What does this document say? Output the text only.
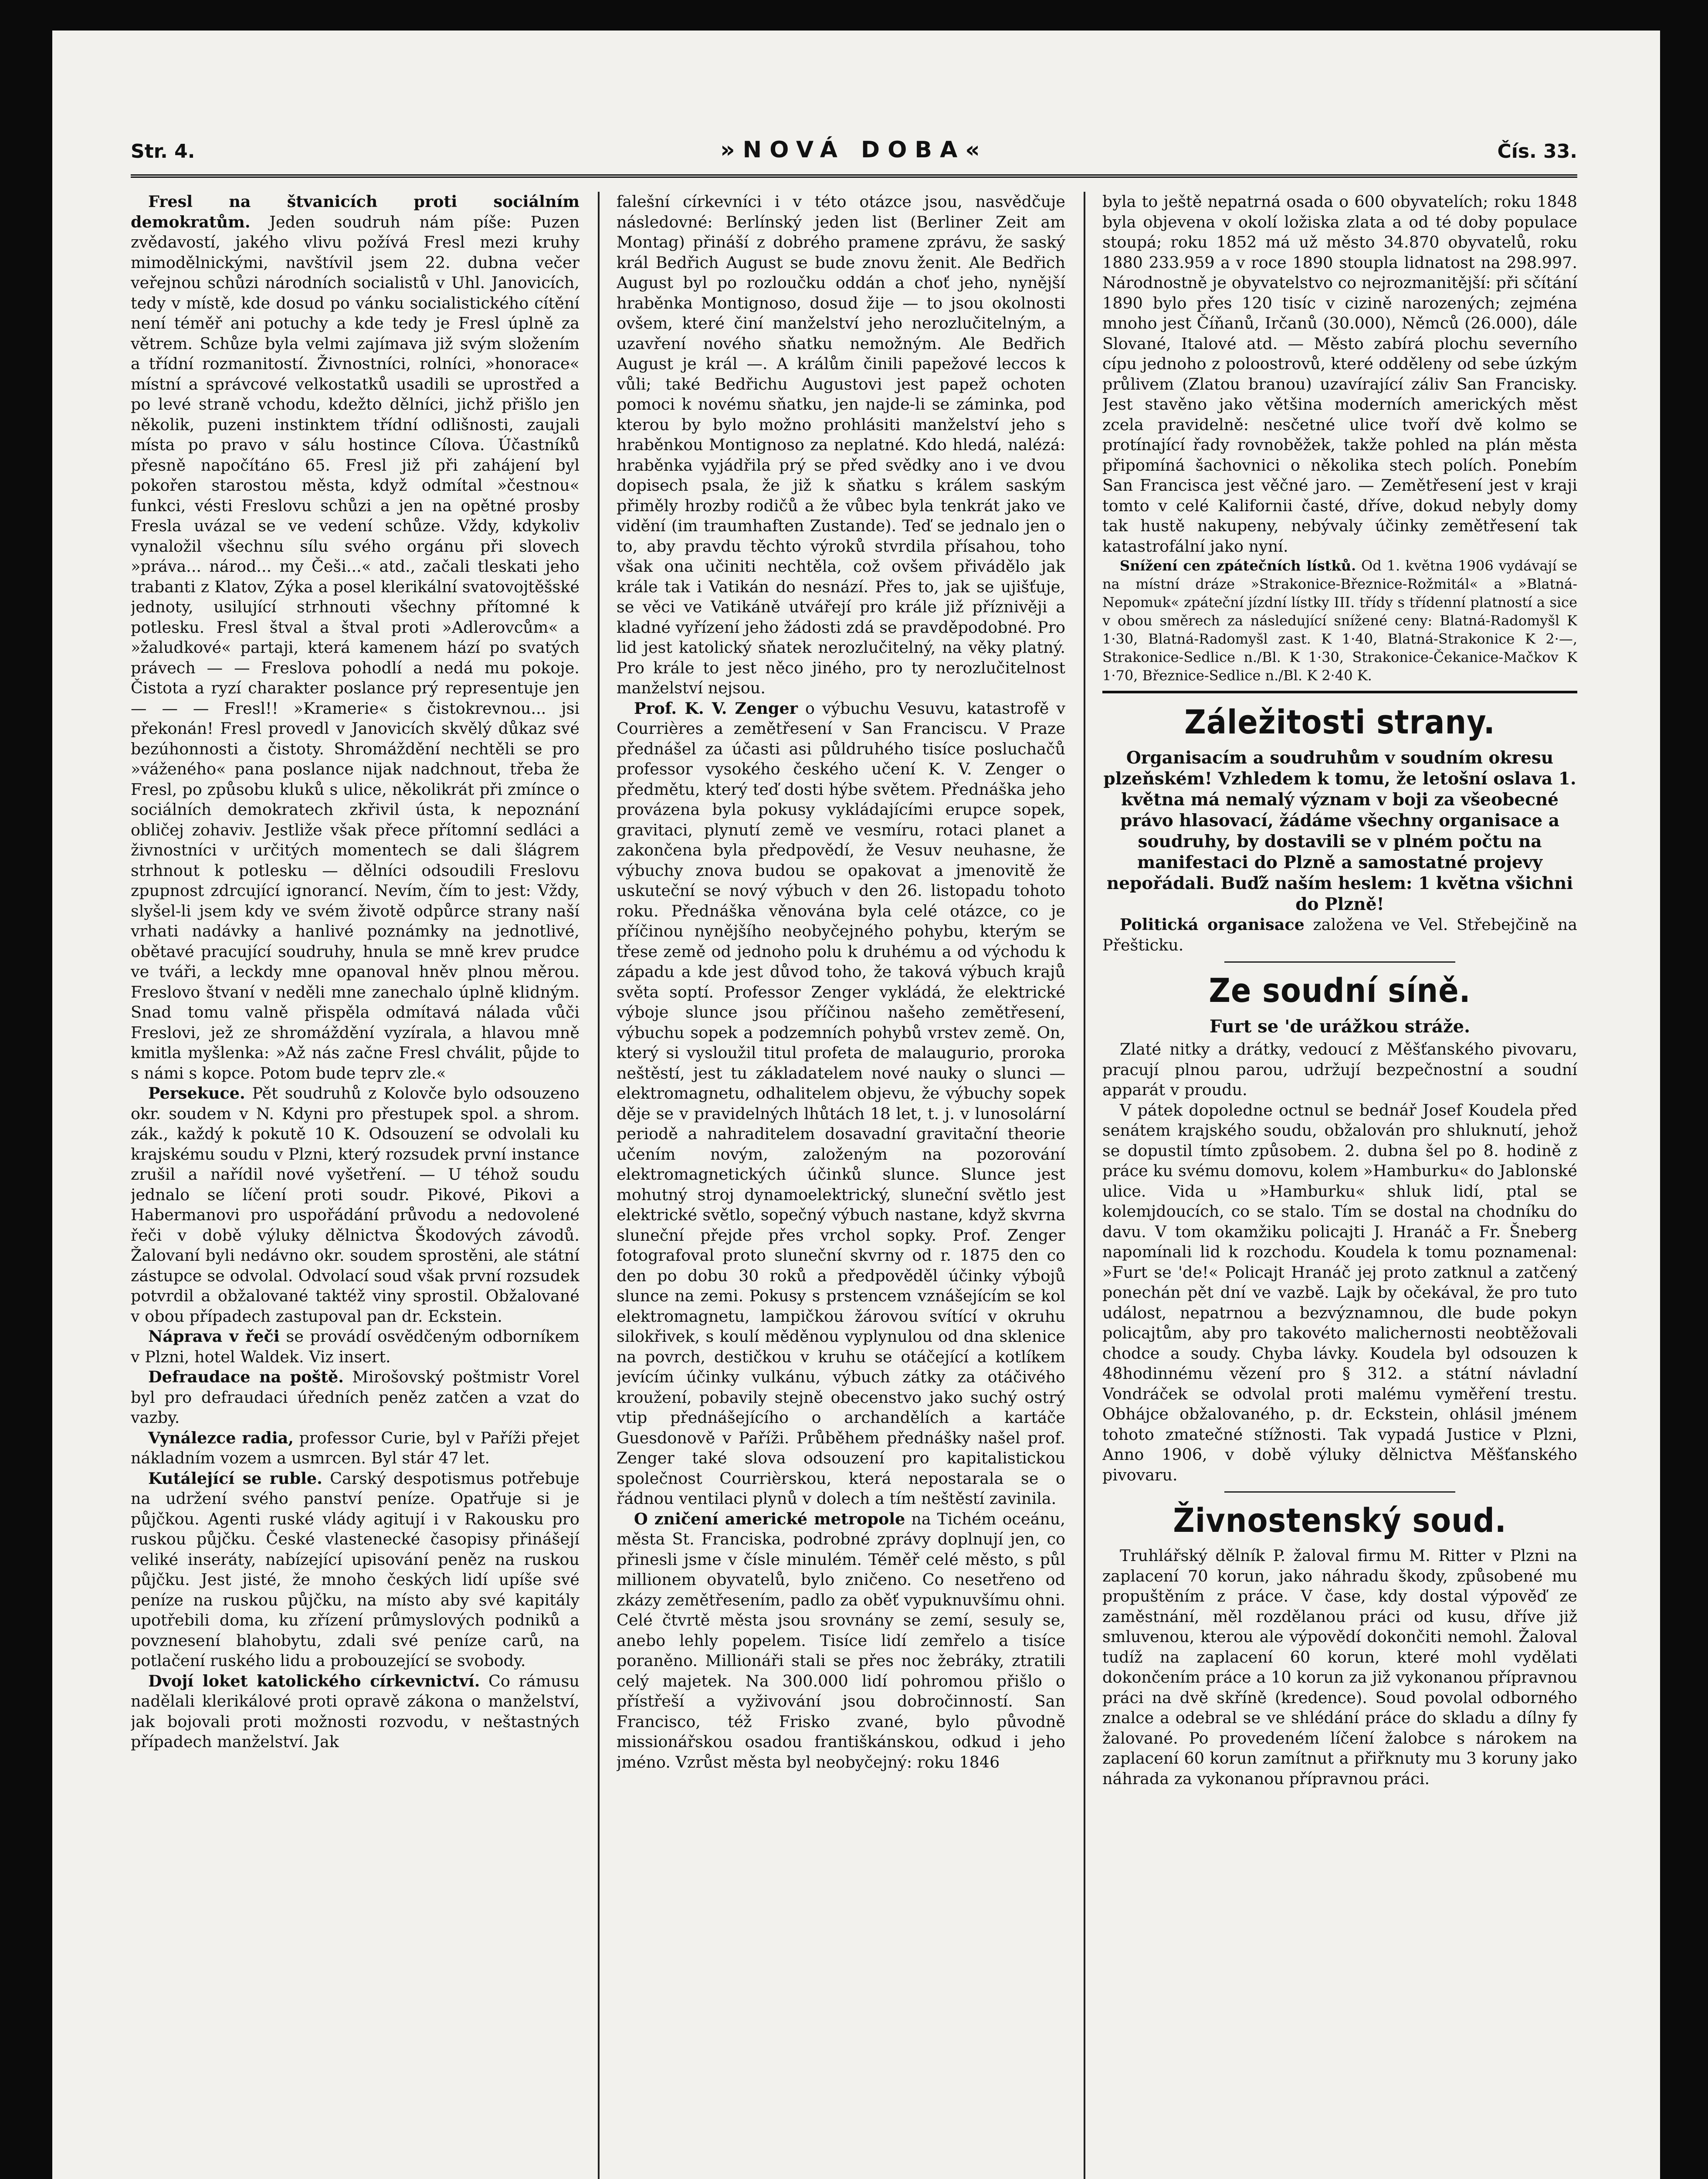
Str. 4.	»NOVÁ DOBA«	Čís. 33.

Fresl na štvanicích proti sociálním demokratům. Jeden soudruh nám píše: Puzen zvědavostí, jakého vlivu požívá Fresl mezi kruhy mimodělnickými, navštívil jsem 22. dubna večer veřejnou schůzi národních socialistů v Uhl. Janovicích, tedy v místě, kde dosud po vánku socialistického cítění není téměř ani potuchy a kde tedy je Fresl úplně za větrem. Schůze byla velmi zajímava již svým složením a třídní rozmanitostí. Živnostníci, rolníci, »honorace« místní a správcové velkostatků usadili se uprostřed a po levé straně vchodu, kdežto dělníci, jichž přišlo jen několik, puzeni instinktem třídní odlišnosti, zaujali místa po pravo v sálu hostince Cílova. Účastníků přesně napočítáno 65. Fresl již při zahájení byl pokořen starostou města, když odmítal »čestnou« funkci, vésti Freslovu schůzi a jen na opětné prosby Fresla uvázal se ve vedení schůze. Vždy, kdykoliv vynaložil všechnu sílu svého orgánu při slovech »práva... národ... my Češi...« atd., začali tleskati jeho trabanti z Klatov, Zýka a posel klerikální svatovojtěšské jednoty, usilující strhnouti všechny přítomné k potlesku. Fresl štval a štval proti »Adlerovcům« a »žaludkové« partaji, která kamenem hází po svatých právech — — Freslova pohodlí a nedá mu pokoje. Čistota a ryzí charakter poslance prý representuje jen — — — Fresl!! »Kramerie« s čistokrevnou... jsi překonán! Fresl provedl v Janovicích skvělý důkaz své bezúhonnosti a čistoty. Shromáždění nechtěli se pro »váženého« pana poslance nijak nadchnout, třeba že Fresl, po způsobu kluků s ulice, několikrát při zmínce o sociálních demokratech zkřivil ústa, k nepoznání obličej zohaviv. Jestliže však přece přítomní sedláci a živnostníci v určitých momentech se dali šlágrem strhnout k potlesku — dělníci odsoudili Freslovu zpupnost zdrcující ignorancí. Nevím, čím to jest: Vždy, slyšel-li jsem kdy ve svém životě odpůrce strany naší vrhati nadávky a hanlivé poznámky na jednotlivé, obětavé pracující soudruhy, hnula se mně krev prudce ve tváři, a leckdy mne opanoval hněv plnou měrou. Freslovo štvaní v neděli mne zanechalo úplně klidným. Snad tomu valně přispěla odmítavá nálada vůči Freslovi, jež ze shromáždění vyzírala, a hlavou mně kmitla myšlenka: »Až nás začne Fresl chválit, půjde to s námi s kopce. Potom bude teprv zle.«

Persekuce. Pět soudruhů z Kolovče bylo odsouzeno okr. soudem v N. Kdyni pro přestupek spol. a shrom. zák., každý k pokutě 10 K. Odsouzení se odvolali ku krajskému soudu v Plzni, který rozsudek první instance zrušil a nařídil nové vyšetření. — U téhož soudu jednalo se líčení proti soudr. Pikové, Pikovi a Habermanovi pro uspořádání průvodu a nedovolené řeči v době výluky dělnictva Škodových závodů. Žalovaní byli nedávno okr. soudem sprostěni, ale státní zástupce se odvolal. Odvolací soud však první rozsudek potvrdil a obžalované taktéž viny sprostil. Obžalované v obou případech zastupoval pan dr. Eckstein.

Náprava v řeči se provádí osvědčeným odborníkem v Plzni, hotel Waldek. Viz insert.

Defraudace na poště. Mirošovský poštmistr Vorel byl pro defraudaci úředních peněz zatčen a vzat do vazby.

Vynálezce radia, professor Curie, byl v Paříži přejet nákladním vozem a usmrcen. Byl stár 47 let.

Kutálející se ruble. Carský despotismus potřebuje na udržení svého panství peníze. Opatřuje si je půjčkou. Agenti ruské vlády agitují i v Rakousku pro ruskou půjčku. České vlastenecké časopisy přinášejí veliké inseráty, nabízející upisování peněz na ruskou půjčku. Jest jisté, že mnoho českých lidí upíše své peníze na ruskou půjčku, na místo aby své kapitály upotřebili doma, ku zřízení průmyslových podniků a povznesení blahobytu, zdali své peníze carů, na potlačení ruského lidu a probouzející se svobody.

Dvojí loket katolického církevnictví. Co rámusu nadělali klerikálové proti opravě zákona o manželství, jak bojovali proti možnosti rozvodu, v neštastných případech manželství. Jak

falešní církevníci i v této otázce jsou, nasvědčuje následovné: Berlínský jeden list (Berliner Zeit am Montag) přináší z dobrého pramene zprávu, že saský král Bedřich August se bude znovu ženit. Ale Bedřich August byl po rozloučku oddán a choť jeho, nynější hraběnka Montignoso, dosud žije — to jsou okolnosti ovšem, které činí manželství jeho nerozlučitelným, a uzavření nového sňatku nemožným. Ale Bedřich August je král —. A králům činili papežové leccos k vůli; také Bedřichu Augustovi jest papež ochoten pomoci k novému sňatku, jen najde-li se záminka, pod kterou by bylo možno prohlásiti manželství jeho s hraběnkou Montignoso za neplatné. Kdo hledá, nalézá: hraběnka vyjádřila prý se před svědky ano i ve dvou dopisech psala, že již k sňatku s králem saským přiměly hrozby rodičů a že vůbec byla tenkrát jako ve vidění (im traumhaften Zustande). Teď se jednalo jen o to, aby pravdu těchto výroků stvrdila přísahou, toho však ona učiniti nechtěla, což ovšem přivádělo jak krále tak i Vatikán do nesnází. Přes to, jak se ujišťuje, se věci ve Vatikáně utvářejí pro krále již příznivěji a kladné vyřízení jeho žádosti zdá se pravděpodobné. Pro lid jest katolický sňatek nerozlučitelný, na věky platný. Pro krále to jest něco jiného, pro ty nerozlučitelnost manželství nejsou.

Prof. K. V. Zenger o výbuchu Vesuvu, katastrofě v Courrières a zemětřesení v San Franciscu. V Praze přednášel za účasti asi půldruhého tisíce posluchačů professor vysokého českého učení K. V. Zenger o předmětu, který teď dosti hýbe světem. Přednáška jeho provázena byla pokusy vykládajícími erupce sopek, gravitaci, plynutí země ve vesmíru, rotaci planet a zakončena byla předpovědí, že Vesuv neuhasne, že výbuchy znova budou se opakovat a jmenovitě že uskuteční se nový výbuch v den 26. listopadu tohoto roku. Přednáška věnována byla celé otázce, co je příčinou nynějšího neobyčejného pohybu, kterým se třese země od jednoho polu k druhému a od východu k západu a kde jest důvod toho, že taková výbuch krajů světa soptí. Professor Zenger vykládá, že elektrické výboje slunce jsou příčinou našeho zemětřesení, výbuchu sopek a podzemních pohybů vrstev země. On, který si vysloužil titul profeta de malaugurio, proroka neštěstí, jest tu základatelem nové nauky o slunci — elektromagnetu, odhalitelem objevu, že výbuchy sopek děje se v pravidelných lhůtách 18 let, t. j. v lunosolární periodě a nahraditelem dosavadní gravitační theorie učením novým, založeným na pozorování elektromagnetických účinků slunce. Slunce jest mohutný stroj dynamoelektrický, sluneční světlo jest elektrické světlo, sopečný výbuch nastane, když skvrna sluneční přejde přes vrchol sopky. Prof. Zenger fotografoval proto sluneční skvrny od r. 1875 den co den po dobu 30 roků a předpověděl účinky výbojů slunce na zemi. Pokusy s prstencem vznášejícím se kol elektromagnetu, lampičkou žárovou svítící v okruhu silokřivek, s koulí měděnou vyplynulou od dna sklenice na povrch, destičkou v kruhu se otáčející a kotlíkem jevícím účinky vulkánu, výbuch zátky za otáčivého kroužení, pobavily stejně obecenstvo jako suchý ostrý vtip přednášejícího o archandělích a kartáče Guesdonově v Paříži. Průběhem přednášky našel prof. Zenger také slova odsouzení pro kapitalistickou společnost Courrièrskou, která nepostarala se o řádnou ventilaci plynů v dolech a tím neštěstí zavinila.

O zničení americké metropole na Tichém oceánu, města St. Franciska, podrobné zprávy doplnují jen, co přinesli jsme v čísle minulém. Téměř celé město, s půl millionem obyvatelů, bylo zničeno. Co nesetřeno od zkázy zemětřesením, padlo za oběť vypuknuvšímu ohni. Celé čtvrtě města jsou srovnány se zemí, sesuly se, anebo lehly popelem. Tisíce lidí zemřelo a tisíce poraněno. Millionáři stali se přes noc žebráky, ztratili celý majetek. Na 300.000 lidí pohromou přišlo o přístřeší a vyživování jsou dobročinností. San Francisco, též Frisko zvané, bylo původně missionářskou osadou františkánskou, odkud i jeho jméno. Vzrůst města byl neobyčejný: roku 1846

byla to ještě nepatrná osada o 600 obyvatelích; roku 1848 byla objevena v okolí ložiska zlata a od té doby populace stoupá; roku 1852 má už město 34.870 obyvatelů, roku 1880 233.959 a v roce 1890 stoupla lidnatost na 298.997. Národnostně je obyvatelstvo co nejrozmanitější: při sčítání 1890 bylo přes 120 tisíc v cizině narozených; zejména mnoho jest Číňanů, Irčanů (30.000), Němců (26.000), dále Slované, Italové atd. — Město zabírá plochu severního cípu jednoho z poloostrovů, které odděleny od sebe úzkým průlivem (Zlatou branou) uzavírající záliv San Francisky. Jest stavěno jako většina moderních amerických měst zcela pravidelně: nesčetné ulice tvoří dvě kolmo se protínající řady rovnoběžek, takže pohled na plán města připomíná šachovnici o několika stech polích. Ponebím San Francisca jest věčné jaro. — Zemětřesení jest v kraji tomto v celé Kalifornii časté, dříve, dokud nebyly domy tak hustě nakupeny, nebývaly účinky zemětřesení tak katastrofální jako nyní.

Snížení cen zpátečních lístků. Od 1. května 1906 vydávají se na místní dráze »Strakonice-Březnice-Rožmitál« a »Blatná-Nepomuk« zpáteční jízdní lístky III. třídy s třídenní platností a sice v obou směrech za následující snížené ceny: Blatná-Radomyšl K 1·30, Blatná-Radomyšl zast. K 1·40, Blatná-Strakonice K 2·—, Strakonice-Sedlice n./Bl. K 1·30, Strakonice-Čekanice-Mačkov K 1·70, Březnice-Sedlice n./Bl. K 2·40 K.

Záležitosti strany.

Organisacím a soudruhům v soudním okresu plzeňském! Vzhledem k tomu, že letošní oslava 1. května má nemalý význam v boji za všeobecné právo hlasovací, žádáme všechny organisace a soudruhy, by dostavili se v plném počtu na manifestaci do Plzně a samostatné projevy nepořádali. Buďž naším heslem: 1 května všichni do Plzně!

Politická organisace založena ve Vel. Střebejčině na Přešticku.

Ze soudní síně.
Furt se 'de urážkou stráže.

Zlaté nitky a drátky, vedoucí z Měšťanského pivovaru, pracují plnou parou, udržují bezpečnostní a soudní apparát v proudu.

V pátek dopoledne octnul se bednář Josef Koudela před senátem krajského soudu, obžalován pro shluknutí, jehož se dopustil tímto způsobem. 2. dubna šel po 8. hodině z práce ku svému domovu, kolem »Hamburku« do Jablonské ulice. Vida u »Hamburku« shluk lidí, ptal se kolemjdoucích, co se stalo. Tím se dostal na chodníku do davu. V tom okamžiku policajti J. Hranáč a Fr. Šneberg napomínali lid k rozchodu. Koudela k tomu poznamenal: »Furt se 'de!« Policajt Hranáč jej proto zatknul a zatčený ponechán pět dní ve vazbě. Lajk by očekával, že pro tuto událost, nepatrnou a bezvýznamnou, dle bude pokyn policajtům, aby pro takovéto malichernosti neobtěžovali chodce a soudy. Chyba lávky. Koudela byl odsouzen k 48hodinnému vězení pro § 312. a státní návladní Vondráček se odvolal proti malému vyměření trestu. Obhájce obžalovaného, p. dr. Eckstein, ohlásil jménem tohoto zmatečné stížnosti. Tak vypadá Justice v Plzni, Anno 1906, v době výluky dělnictva Měšťanského pivovaru.

Živnostenský soud.

Truhlářský dělník P. žaloval firmu M. Ritter v Plzni na zaplacení 70 korun, jako náhradu škody, způsobené mu propuštěním z práce. V čase, kdy dostal výpověď ze zaměstnání, měl rozdělanou práci od kusu, dříve již smluvenou, kterou ale výpovědí dokončiti nemohl. Žaloval tudíž na zaplacení 60 korun, které mohl vydělati dokončením práce a 10 korun za již vykonanou přípravnou práci na dvě skříně (kredence). Soud povolal odborného znalce a odebral se ve shlédání práce do skladu a dílny fy žalované. Po provedeném líčení žalobce s nárokem na zaplacení 60 korun zamítnut a přiřknuty mu 3 koruny jako náhrada za vykonanou přípravnou práci.
